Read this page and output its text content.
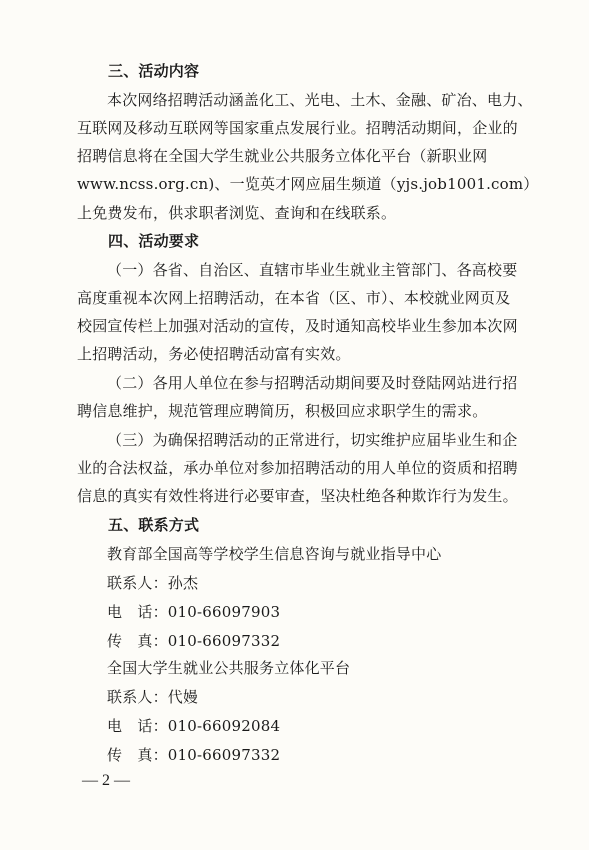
三、活动内容
本次网络招聘活动涵盖化工、光电、土木、金融、矿冶、电力、
互联网及移动互联网等国家重点发展行业。招聘活动期间，企业的
招聘信息将在全国大学生就业公共服务立体化平台（新职业网
www.ncss.org.cn)、一览英才网应届生频道（yjs.job1001.com）
上免费发布，供求职者浏览、查询和在线联系。
四、活动要求
（一）各省、自治区、直辖市毕业生就业主管部门、各高校要
高度重视本次网上招聘活动，在本省（区、市）、本校就业网页及
校园宣传栏上加强对活动的宣传，及时通知高校毕业生参加本次网
上招聘活动，务必使招聘活动富有实效。
（二）各用人单位在参与招聘活动期间要及时登陆网站进行招
聘信息维护，规范管理应聘简历，积极回应求职学生的需求。
（三）为确保招聘活动的正常进行，切实维护应届毕业生和企
业的合法权益，承办单位对参加招聘活动的用人单位的资质和招聘
信息的真实有效性将进行必要审查，坚决杜绝各种欺诈行为发生。
五、联系方式
教育部全国高等学校学生信息咨询与就业指导中心
联系人：孙杰
电　话：010-66097903
传　真：010-66097332
全国大学生就业公共服务立体化平台
联系人：代嫚
电　话：010-66092084
传　真：010-66097332
— 2 —
